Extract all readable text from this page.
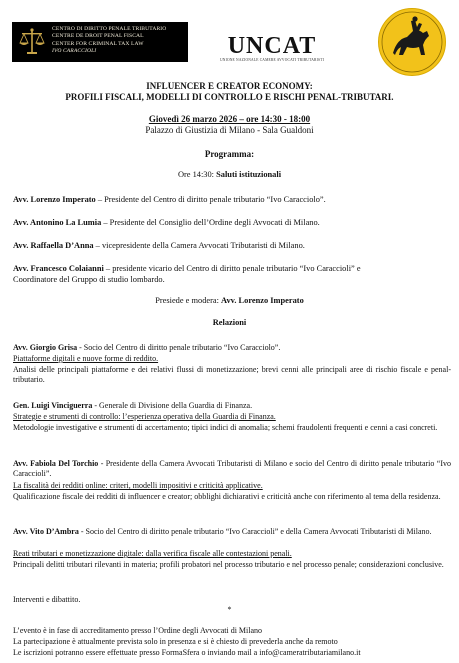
CENTRO DI DIRITTO PENALE TRIBUTARIO
CENTRE DE DROIT PENAL FISCAL
CENTER FOR CRIMINAL TAX LAW
IVO CARACCIOLI	UNCAT
UNIONE NAZIONALE CAMERE AVVOCATI TRIBUTARISTI
INFLUENCER E CREATOR ECONOMY:
PROFILI FISCALI, MODELLI DI CONTROLLO E RISCHI PENAL-TRIBUTARI.
Giovedì 26 marzo 2026 – ore 14:30 - 18:00
Palazzo di Giustizia di Milano - Sala Gualdoni
Programma:
Ore 14:30: Saluti istituzionali
Avv. Lorenzo Imperato – Presidente del Centro di diritto penale tributario “Ivo Caracciolo”.
Avv. Antonino La Lumia – Presidente del Consiglio dell’Ordine degli Avvocati di Milano.
Avv. Raffaella D’Anna – vicepresidente della Camera Avvocati Tributaristi di Milano.
Avv. Francesco Colaianni – presidente vicario del Centro di diritto penale tributario “Ivo Caraccioli” e
Coordinatore del Gruppo di studio lombardo.
Presiede e modera: Avv. Lorenzo Imperato
Relazioni
Avv. Giorgio Grisa - Socio del Centro di diritto penale tributario “Ivo Caracciolo”.
Piattaforme digitali e nuove forme di reddito.
Analisi delle principali piattaforme e dei relativi flussi di monetizzazione; brevi cenni alle principali aree di rischio fiscale e penal-tributario.
Gen. Luigi Vinciguerra - Generale di Divisione della Guardia di Finanza.
Strategie e strumenti di controllo: l’esperienza operativa della Guardia di Finanza.
Metodologie investigative e strumenti di accertamento; tipici indici di anomalia; schemi fraudolenti frequenti e cenni a casi concreti.
Avv. Fabiola Del Torchio - Presidente della Camera Avvocati Tributaristi di Milano e socio del Centro di diritto penale tributario “Ivo Caraccioli”.
La fiscalità dei redditi online: criteri, modelli impositivi e criticità applicative.
Qualificazione fiscale dei redditi di influencer e creator; obblighi dichiarativi e criticità anche con riferimento al tema della residenza.
Avv. Vito D’Ambra - Socio del Centro di diritto penale tributario “Ivo Caraccioli” e della Camera Avvocati Tributaristi di Milano.
Reati tributari e monetizzazione digitale: dalla verifica fiscale alle contestazioni penali.
Principali delitti tributari rilevanti in materia; profili probatori nel processo tributario e nel processo penale; considerazioni conclusive.
Interventi e dibattito.
*
L’evento è in fase di accreditamento presso l’Ordine degli Avvocati di Milano
La partecipazione è attualmente prevista solo in presenza e si è chiesto di prevederla anche da remoto
Le iscrizioni potranno essere effettuate presso FormaSfera o inviando mail a info@cameratributariamilano.it
